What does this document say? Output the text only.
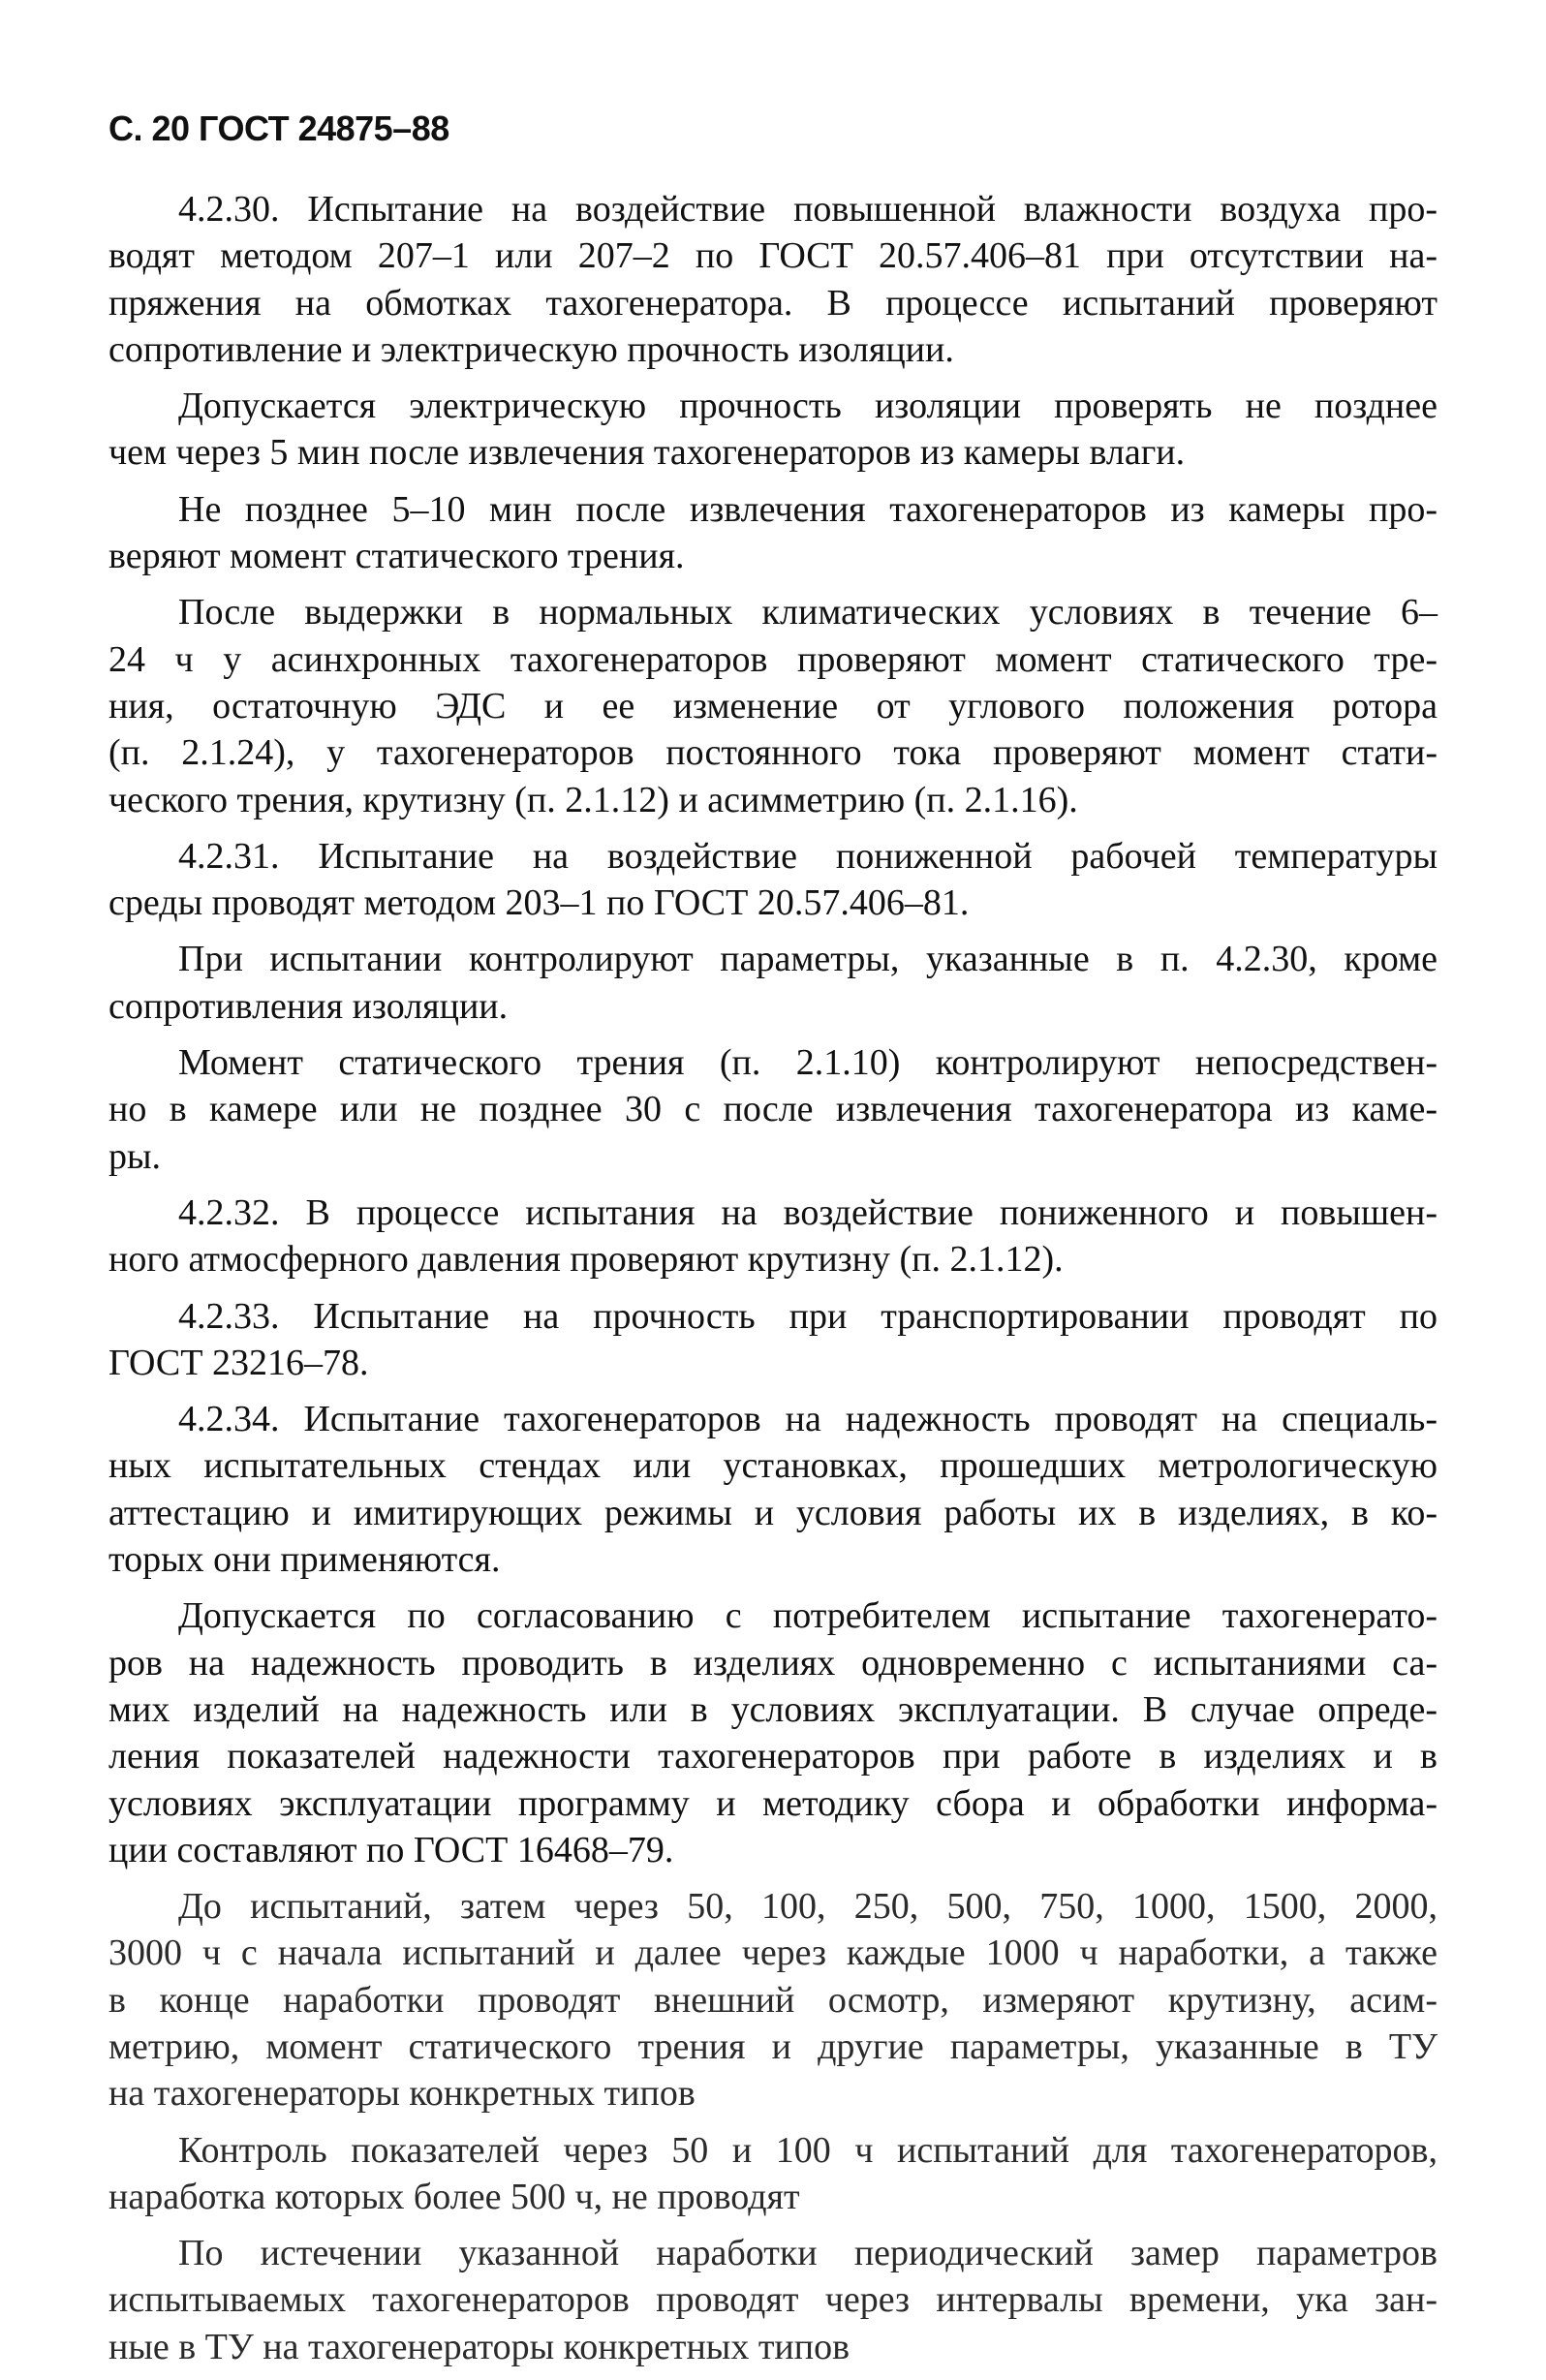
С. 20 ГОСТ 24875–88

4.2.30. Испытание на воздействие повышенной влажности воздуха про-
водят методом 207–1 или 207–2 по ГОСТ 20.57.406–81 при отсутствии на-
пряжения на обмотках тахогенератора. В процессе испытаний проверяют
сопротивление и электрическую прочность изоляции.

Допускается электрическую прочность изоляции проверять не позднее
чем через 5 мин после извлечения тахогенераторов из камеры влаги.

Не позднее 5–10 мин после извлечения тахогенераторов из камеры про-
веряют момент статического трения.

После выдержки в нормальных климатических условиях в течение 6–
24 ч у асинхронных тахогенераторов проверяют момент статического тре-
ния, остаточную ЭДС и ее изменение от углового положения ротора
(п. 2.1.24), у тахогенераторов постоянного тока проверяют момент стати-
ческого трения, крутизну (п. 2.1.12) и асимметрию (п. 2.1.16).

4.2.31. Испытание на воздействие пониженной рабочей температуры
среды проводят методом 203–1 по ГОСТ 20.57.406–81.

При испытании контролируют параметры, указанные в п. 4.2.30, кроме
сопротивления изоляции.

Момент статического трения (п. 2.1.10) контролируют непосредствен-
но в камере или не позднее 30 с после извлечения тахогенератора из каме-
ры.

4.2.32. В процессе испытания на воздействие пониженного и повышен-
ного атмосферного давления проверяют крутизну (п. 2.1.12).

4.2.33. Испытание на прочность при транспортировании проводят по
ГОСТ 23216–78.

4.2.34. Испытание тахогенераторов на надежность проводят на специаль-
ных испытательных стендах или установках, прошедших метрологическую
аттестацию и имитирующих режимы и условия работы их в изделиях, в ко-
торых они применяются.

Допускается по согласованию с потребителем испытание тахогенерато-
ров на надежность проводить в изделиях одновременно с испытаниями са-
мих изделий на надежность или в условиях эксплуатации. В случае опреде-
ления показателей надежности тахогенераторов при работе в изделиях и в
условиях эксплуатации программу и методику сбора и обработки информа-
ции составляют по ГОСТ 16468–79.

До испытаний, затем через 50, 100, 250, 500, 750, 1000, 1500, 2000,
3000 ч с начала испытаний и далее через каждые 1000 ч наработки, а также
в конце наработки проводят внешний осмотр, измеряют крутизну, асим-
метрию, момент статического трения и другие параметры, указанные в ТУ
на тахогенераторы конкретных типов

Контроль показателей через 50 и 100 ч испытаний для тахогенераторов,
наработка которых более 500 ч, не проводят

По истечении указанной наработки периодический замер параметров
испытываемых тахогенераторов проводят через интервалы времени, ука зан-
ные в ТУ на тахогенераторы конкретных типов
